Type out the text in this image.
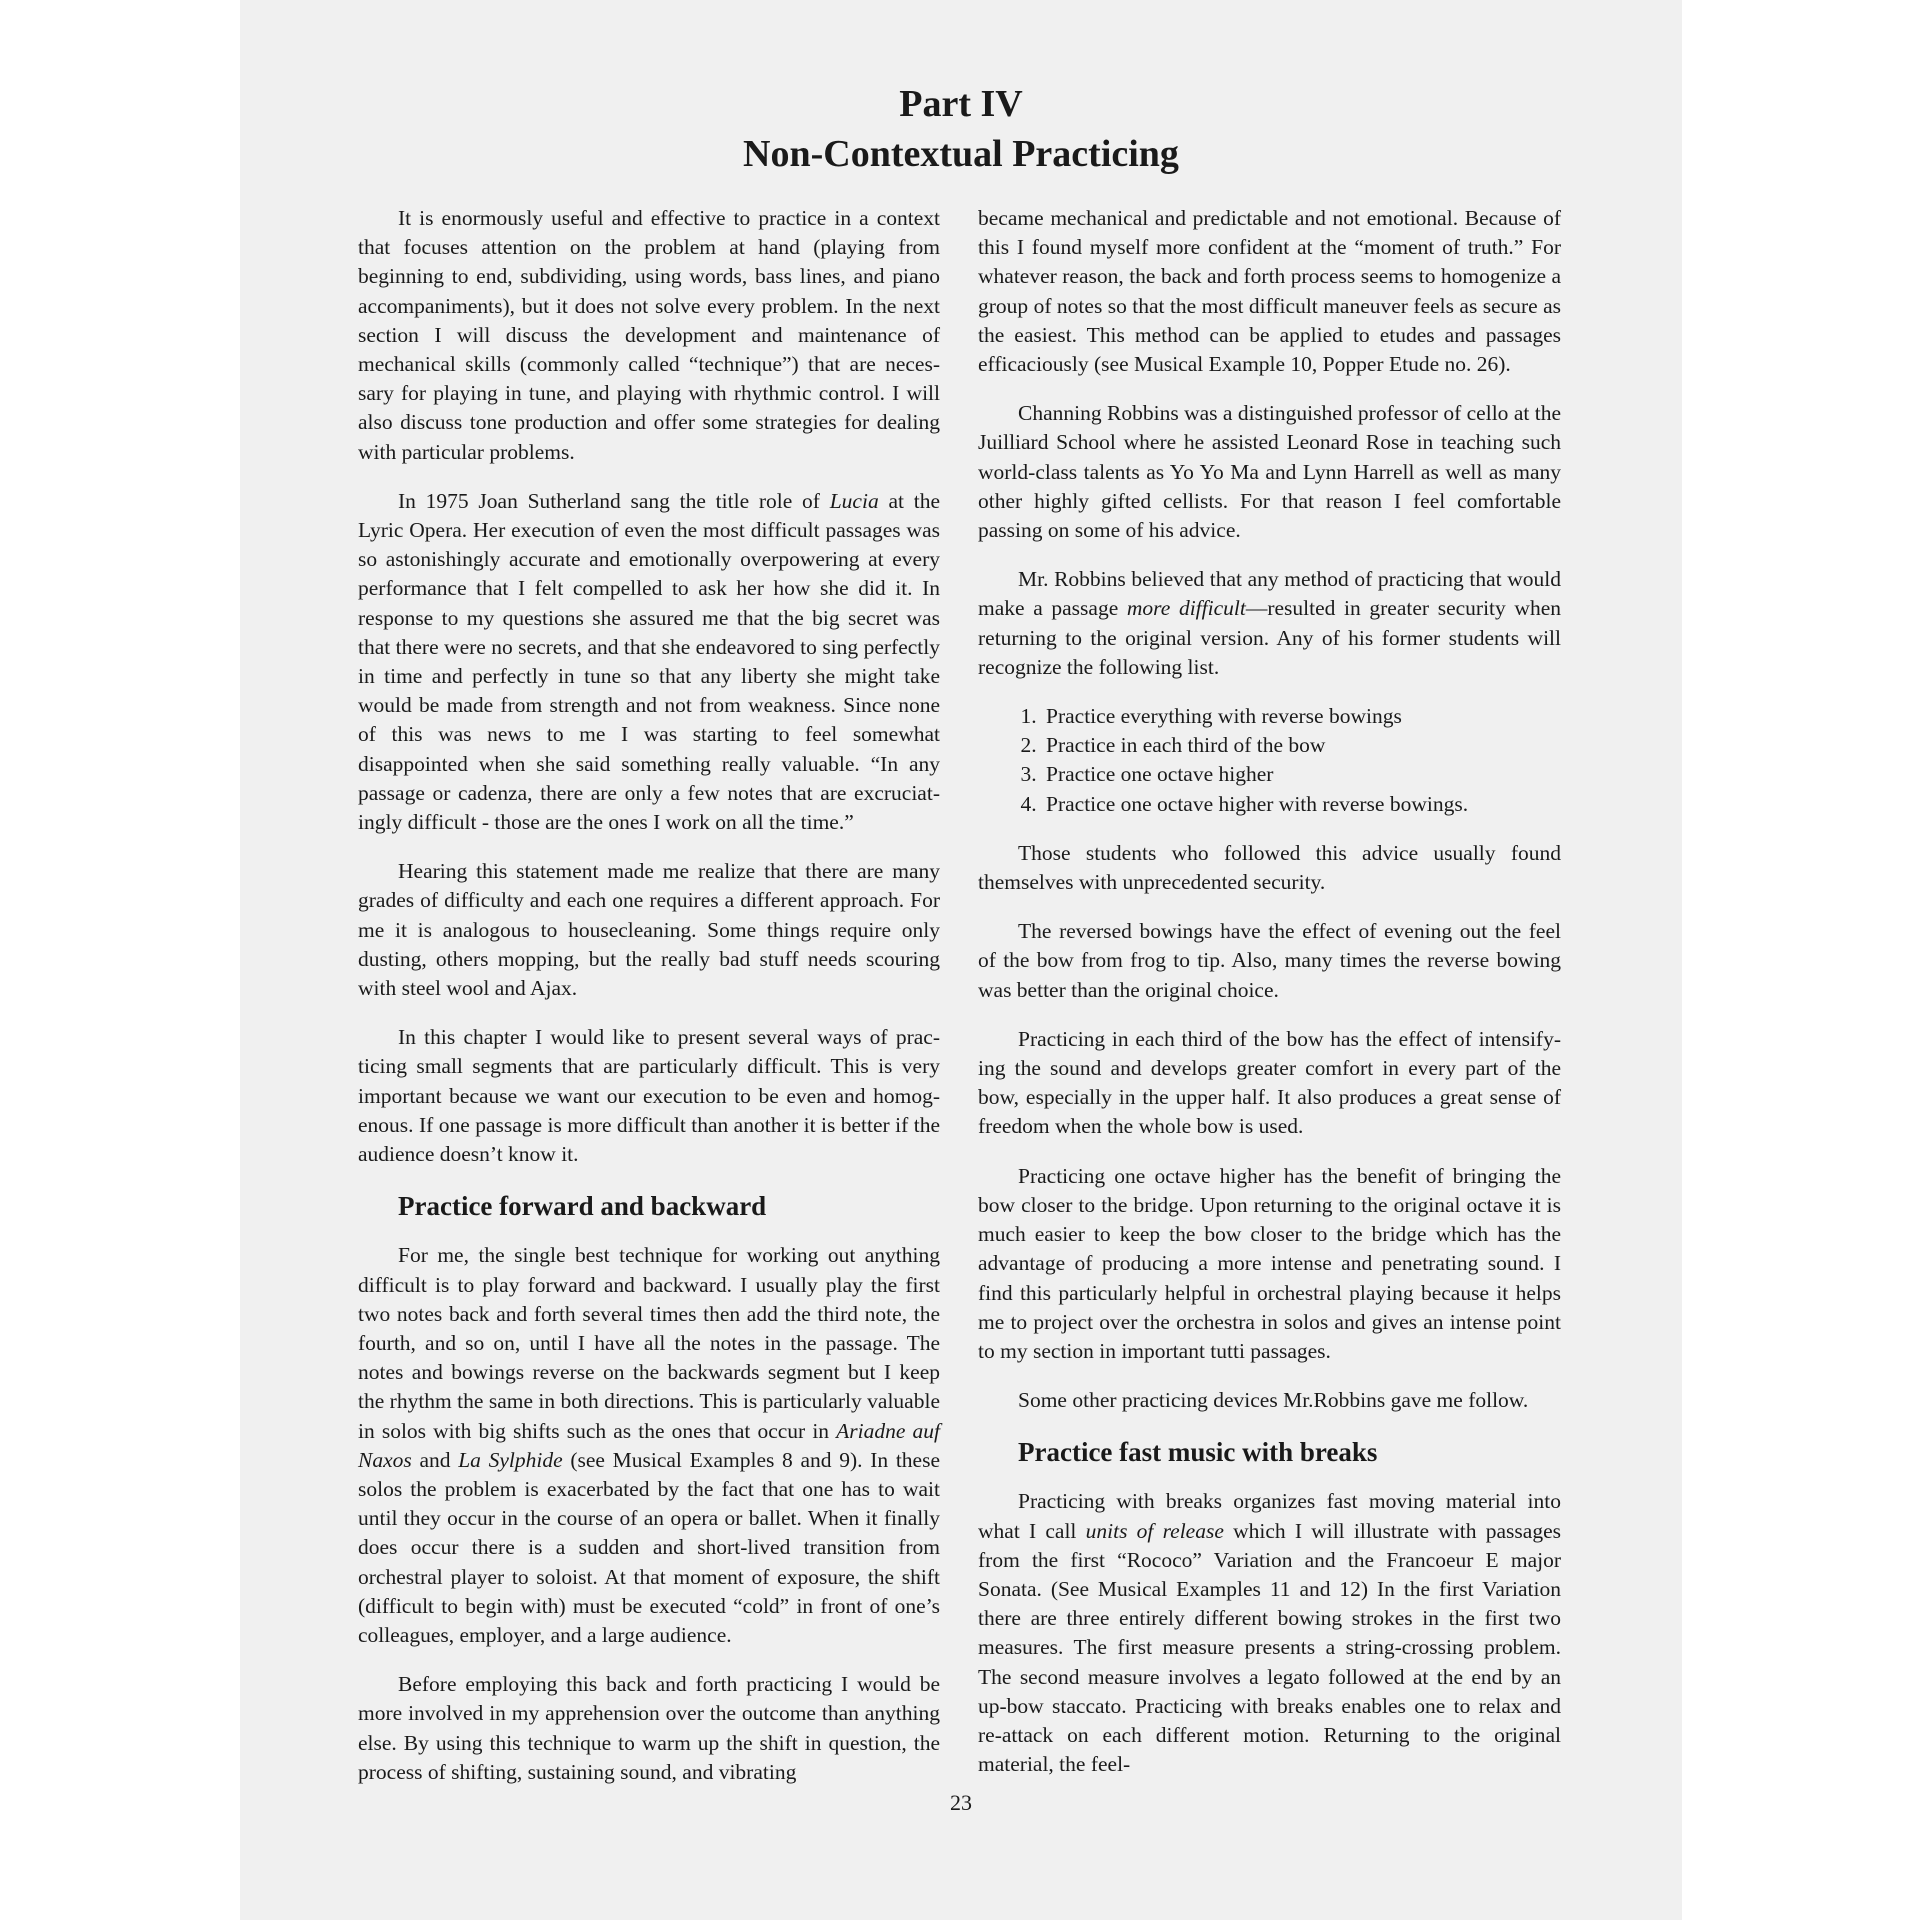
Part IV
Non-Contextual Practicing

It is enormously useful and effective to practice in a context that focuses attention on the problem at hand (playing from beginning to end, subdividing, using words, bass lines, and piano accompaniments), but it does not solve every problem. In the next section I will discuss the development and maintenance of mechanical skills (commonly called “technique”) that are necessary for playing in tune, and playing with rhythmic control. I will also discuss tone production and offer some strategies for dealing with particular problems.

In 1975 Joan Sutherland sang the title role of Lucia at the Lyric Opera. Her execution of even the most difficult passages was so astonishingly accurate and emotionally overpowering at every performance that I felt compelled to ask her how she did it. In response to my questions she assured me that the big secret was that there were no secrets, and that she endeavored to sing perfectly in time and perfectly in tune so that any liberty she might take would be made from strength and not from weakness. Since none of this was news to me I was starting to feel somewhat disappointed when she said something really valuable. “In any passage or cadenza, there are only a few notes that are excruciatingly difficult - those are the ones I work on all the time.”

Hearing this statement made me realize that there are many grades of difficulty and each one requires a different approach. For me it is analogous to housecleaning. Some things require only dusting, others mopping, but the really bad stuff needs scouring with steel wool and Ajax.

In this chapter I would like to present several ways of practicing small segments that are particularly difficult. This is very important because we want our execution to be even and homogenous. If one passage is more difficult than another it is better if the audience doesn’t know it.

Practice forward and backward

For me, the single best technique for working out anything difficult is to play forward and backward. I usually play the first two notes back and forth several times then add the third note, the fourth, and so on, until I have all the notes in the passage. The notes and bowings reverse on the backwards segment but I keep the rhythm the same in both directions. This is particularly valuable in solos with big shifts such as the ones that occur in Ariadne auf Naxos and La Sylphide (see Musical Examples 8 and 9). In these solos the problem is exacerbated by the fact that one has to wait until they occur in the course of an opera or ballet. When it finally does occur there is a sudden and short-lived transition from orchestral player to soloist. At that moment of exposure, the shift (difficult to begin with) must be executed “cold” in front of one’s colleagues, employer, and a large audience.

Before employing this back and forth practicing I would be more involved in my apprehension over the outcome than anything else. By using this technique to warm up the shift in question, the process of shifting, sustaining sound, and vibrating

became mechanical and predictable and not emotional. Because of this I found myself more confident at the “moment of truth.” For whatever reason, the back and forth process seems to homogenize a group of notes so that the most difficult maneuver feels as secure as the easiest. This method can be applied to etudes and passages efficaciously (see Musical Example 10, Popper Etude no. 26).

Channing Robbins was a distinguished professor of cello at the Juilliard School where he assisted Leonard Rose in teaching such world-class talents as Yo Yo Ma and Lynn Harrell as well as many other highly gifted cellists. For that reason I feel comfortable passing on some of his advice.

Mr. Robbins believed that any method of practicing that would make a passage more difficult—resulted in greater security when returning to the original version. Any of his former students will recognize the following list.

1. Practice everything with reverse bowings
2. Practice in each third of the bow
3. Practice one octave higher
4. Practice one octave higher with reverse bowings.

Those students who followed this advice usually found themselves with unprecedented security.

The reversed bowings have the effect of evening out the feel of the bow from frog to tip. Also, many times the reverse bowing was better than the original choice.

Practicing in each third of the bow has the effect of intensifying the sound and develops greater comfort in every part of the bow, especially in the upper half. It also produces a great sense of freedom when the whole bow is used.

Practicing one octave higher has the benefit of bringing the bow closer to the bridge. Upon returning to the original octave it is much easier to keep the bow closer to the bridge which has the advantage of producing a more intense and penetrating sound. I find this particularly helpful in orchestral playing because it helps me to project over the orchestra in solos and gives an intense point to my section in important tutti passages.

Some other practicing devices Mr.Robbins gave me follow.

Practice fast music with breaks

Practicing with breaks organizes fast moving material into what I call units of release which I will illustrate with passages from the first “Rococo” Variation and the Francoeur E major Sonata. (See Musical Examples 11 and 12) In the first Variation there are three entirely different bowing strokes in the first two measures. The first measure presents a string-crossing problem. The second measure involves a legato followed at the end by an up-bow staccato. Practicing with breaks enables one to relax and re-attack on each different motion. Returning to the original material, the feel-

23
